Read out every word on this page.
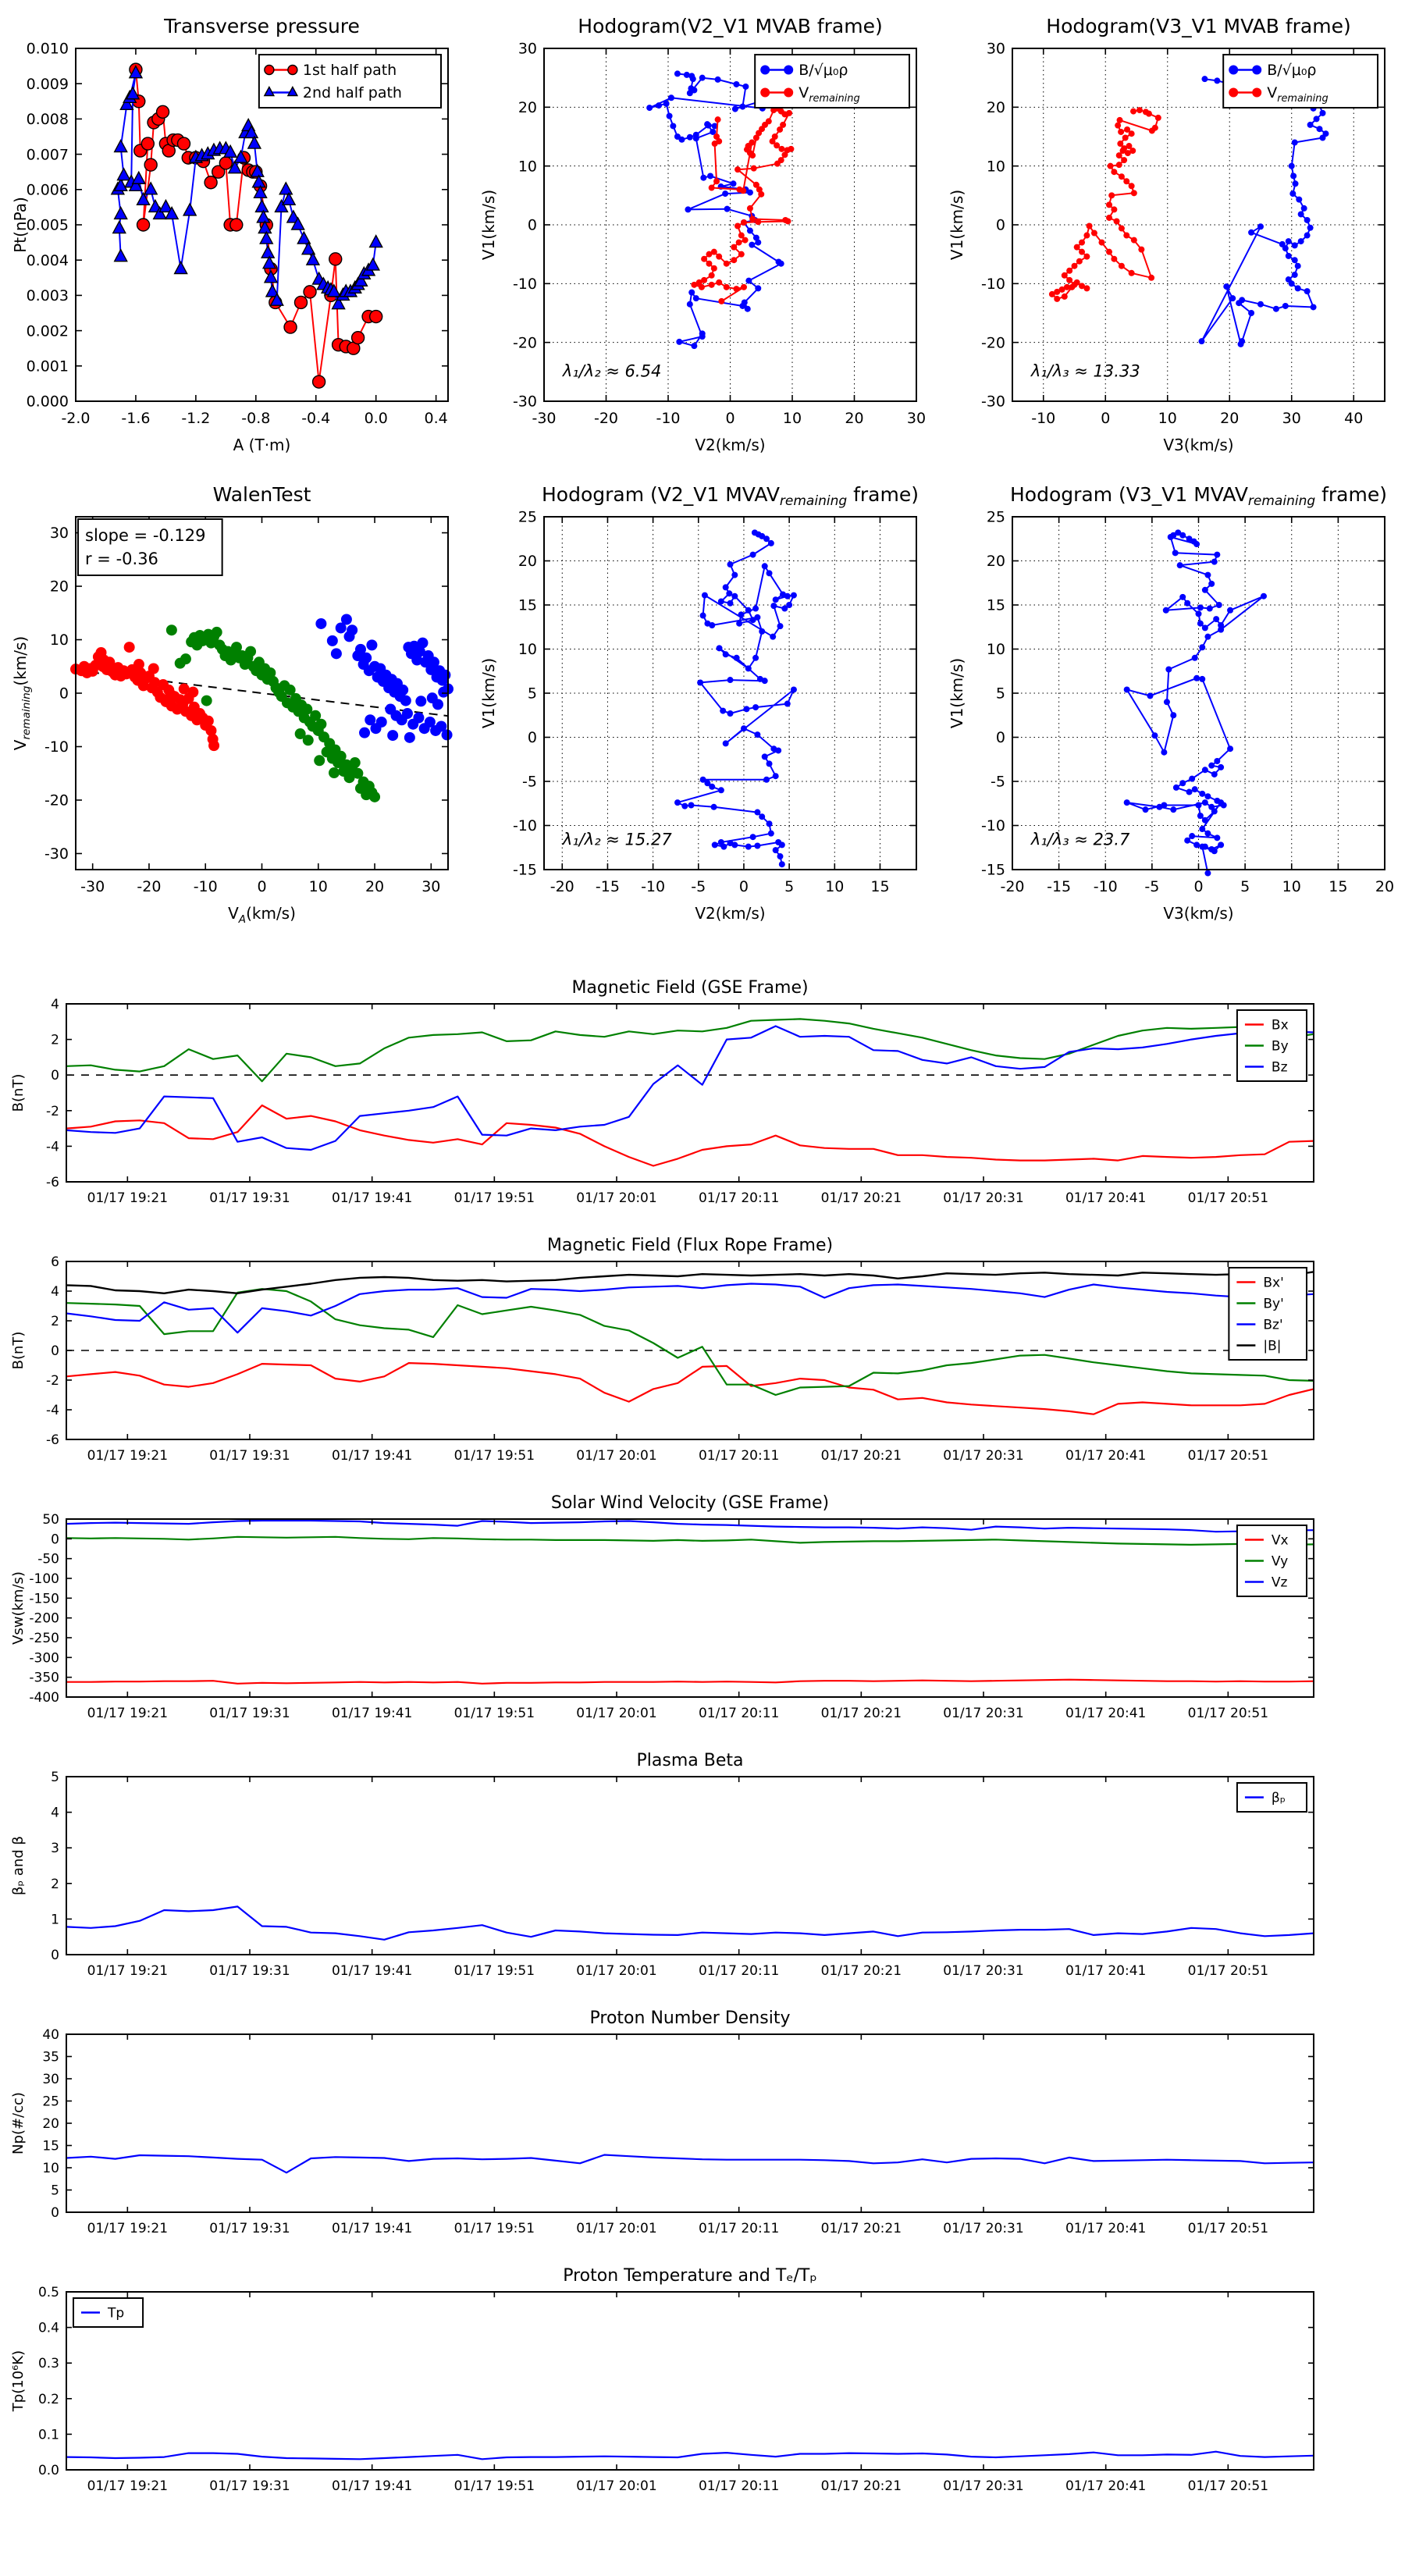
-2.0 -1.6 -1.2 -0.8 -0.4 0.0 0.4
0.000
0.001
0.002
0.003
0.004
0.005
0.006
0.007
0.008
0.009
0.010
Transverse pressure
A (T·m)
Pt(nPa)
1st half path
2nd half path
-30	-20	-10	0	10	20	30
-30
-20
-10
0
10
20
30
Hodogram(V2_V1 MVAB frame)
V2(km/s)
V1(km/s)
λ₁/λ₂ ≈ 6.54
B/√μ₀ρ
$V_{remaining}$
-10	0	10	20	30	40
-30
-20
-10
0
10
20
30
Hodogram(V3_V1 MVAB frame)
V3(km/s)
V1(km/s)
λ₁/λ₃ ≈ 13.33
B/√μ₀ρ
$V_{remaining}$
-30 -20 -10	0	10	20	30
-30
-20
-10
0
10
20
30
WalenTest
$V_A(km/s)$
$V_{remaining}(km/s)$
slope = -0.129
r = -0.36
-20 -15 -10 -5 0 5 10 15
-15
-10
-5
0
5
10
15
20
25
Hodogram (V2_V1 $MVAV_{remaining}$ frame)
V2(km/s)
V1(km/s)
λ₁/λ₂ ≈ 15.27
-20 -15 -10 -5 0	5 10 15 20
-15
-10
-5
0
5
10
15
20
25
Hodogram (V3_V1 $MVAV_{remaining}$ frame)
V3(km/s)
V1(km/s)
λ₁/λ₃ ≈ 23.7
01/17 19:21	01/17 19:31	01/17 19:41	01/17 19:51	01/17 20:01	01/17 20:11	01/17 20:21	01/17 20:31	01/17 20:41	01/17 20:51
-6
-4
-2
0
2
4
Magnetic Field (GSE Frame)
B(nT)
Bx
By
Bz
01/17 19:21	01/17 19:31	01/17 19:41	01/17 19:51	01/17 20:01	01/17 20:11	01/17 20:21	01/17 20:31	01/17 20:41	01/17 20:51
-6
-4
-2
0
2
4
6
Magnetic Field (Flux Rope Frame)
B(nT)
Bx'
By'
Bz'
|B|
01/17 19:21	01/17 19:31	01/17 19:41	01/17 19:51	01/17 20:01	01/17 20:11	01/17 20:21	01/17 20:31	01/17 20:41	01/17 20:51
-400
-350
-300
-250
-200
-150
-100
-50
0
50
Solar Wind Velocity (GSE Frame)
Vsw(km/s)
Vx
Vy
Vz
01/17 19:21	01/17 19:31	01/17 19:41	01/17 19:51	01/17 20:01	01/17 20:11	01/17 20:21	01/17 20:31	01/17 20:41	01/17 20:51
0
1
2
3
4
5
Plasma Beta
βₚ and β
βₚ
01/17 19:21	01/17 19:31	01/17 19:41	01/17 19:51	01/17 20:01	01/17 20:11	01/17 20:21	01/17 20:31	01/17 20:41	01/17 20:51
0
5
10
15
20
25
30
35
40
Proton Number Density
Np(#/cc)
01/17 19:21	01/17 19:31	01/17 19:41	01/17 19:51	01/17 20:01	01/17 20:11	01/17 20:21	01/17 20:31	01/17 20:41	01/17 20:51
0.0
0.1
0.2
0.3
0.4
0.5
Proton Temperature and Tₑ/Tₚ
Tp(10⁶K)
Tp
